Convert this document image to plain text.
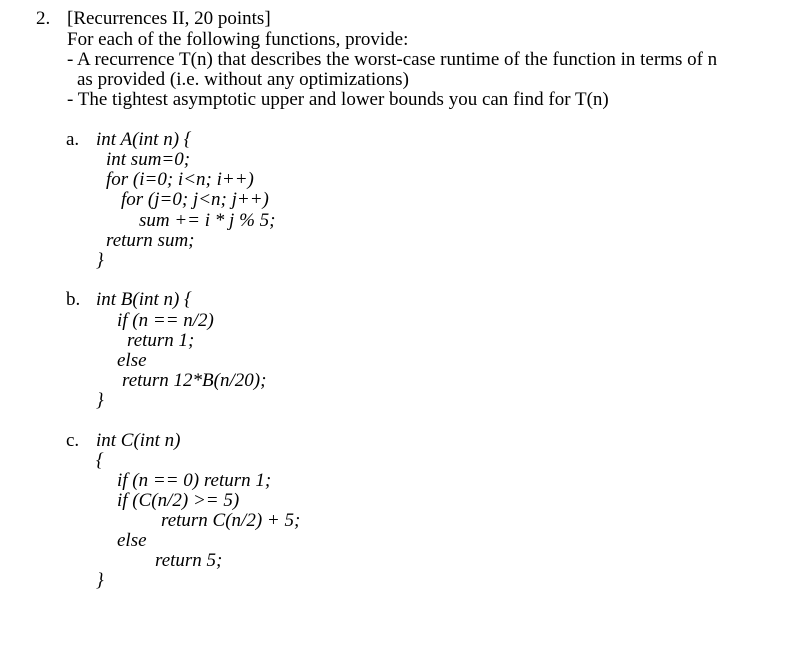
2. [Recurrences II, 20 points]
For each of the following functions, provide:
- A recurrence T(n) that describes the worst-case runtime of the function in terms of n
as provided (i.e. without any optimizations)
- The tightest asymptotic upper and lower bounds you can find for T(n)
a. int A(int n) {
int sum=0;
for (i=0; i<n; i++)
for (j=0; j<n; j++)
sum += i * j % 5;
return sum;
}
b. int B(int n) {
if (n == n/2)
return 1;
else
return 12*B(n/20);
}
c. int C(int n)
{
if (n == 0) return 1;
if (C(n/2) >= 5)
return C(n/2) + 5;
else
return 5;
}
